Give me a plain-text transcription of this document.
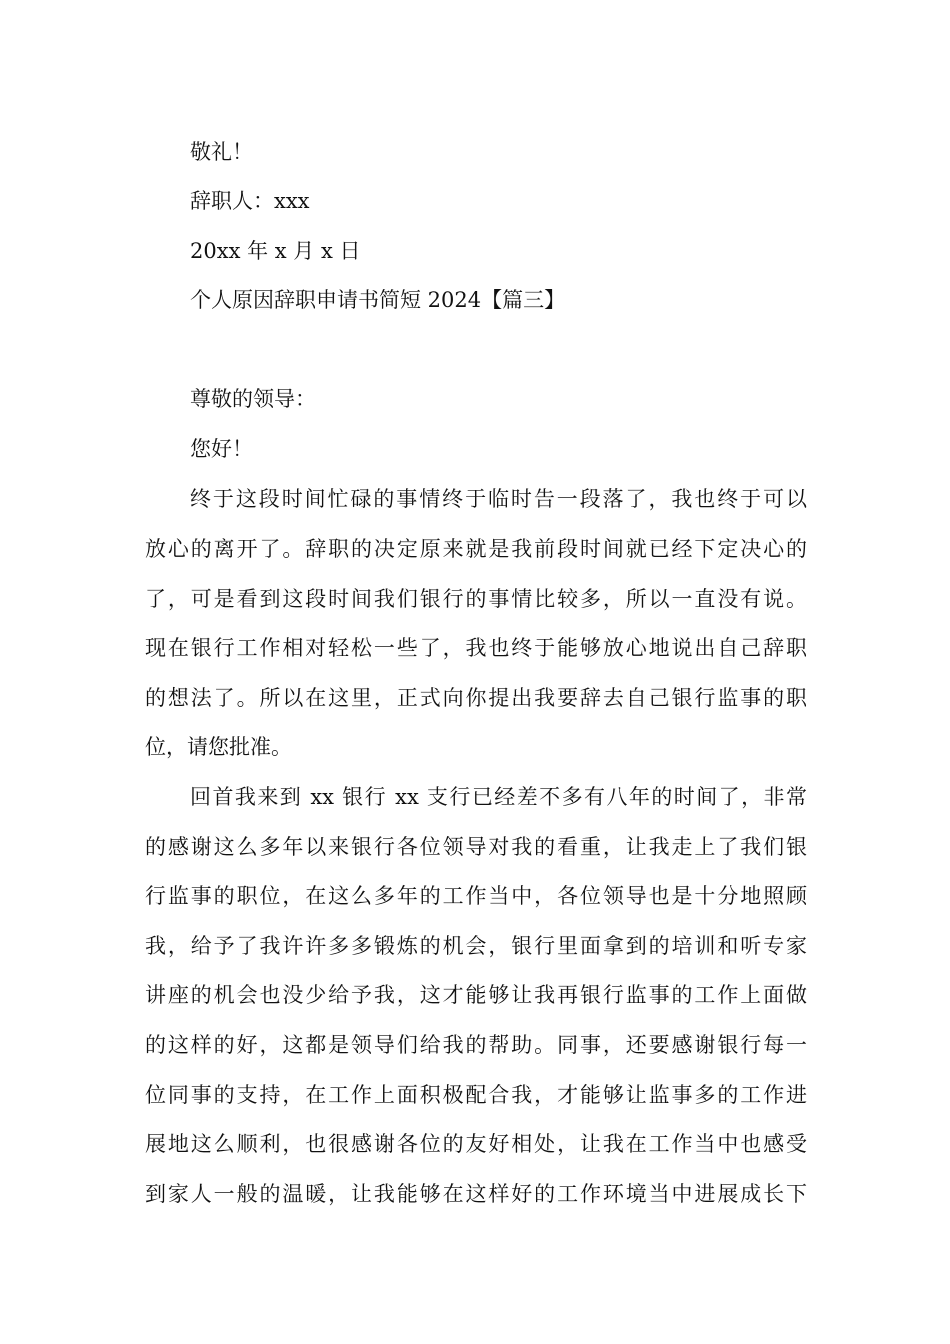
敬礼！
辞职人：xxx
20xx 年 x 月 x 日
个人原因辞职申请书简短 2024【篇三】
尊敬的领导：
您好！
终于这段时间忙碌的事情终于临时告一段落了，我也终于可以
放心的离开了。辞职的决定原来就是我前段时间就已经下定决心的
了，可是看到这段时间我们银行的事情比较多，所以一直没有说。
现在银行工作相对轻松一些了，我也终于能够放心地说出自己辞职
的想法了。所以在这里，正式向你提出我要辞去自己银行监事的职
位，请您批准。
回首我来到 xx 银行 xx 支行已经差不多有八年的时间了，非常
的感谢这么多年以来银行各位领导对我的看重，让我走上了我们银
行监事的职位，在这么多年的工作当中，各位领导也是十分地照顾
我，给予了我许许多多锻炼的机会，银行里面拿到的培训和听专家
讲座的机会也没少给予我，这才能够让我再银行监事的工作上面做
的这样的好，这都是领导们给我的帮助。同事，还要感谢银行每一
位同事的支持，在工作上面积极配合我，才能够让监事多的工作进
展地这么顺利，也很感谢各位的友好相处，让我在工作当中也感受
到家人一般的温暖，让我能够在这样好的工作环境当中进展成长下
